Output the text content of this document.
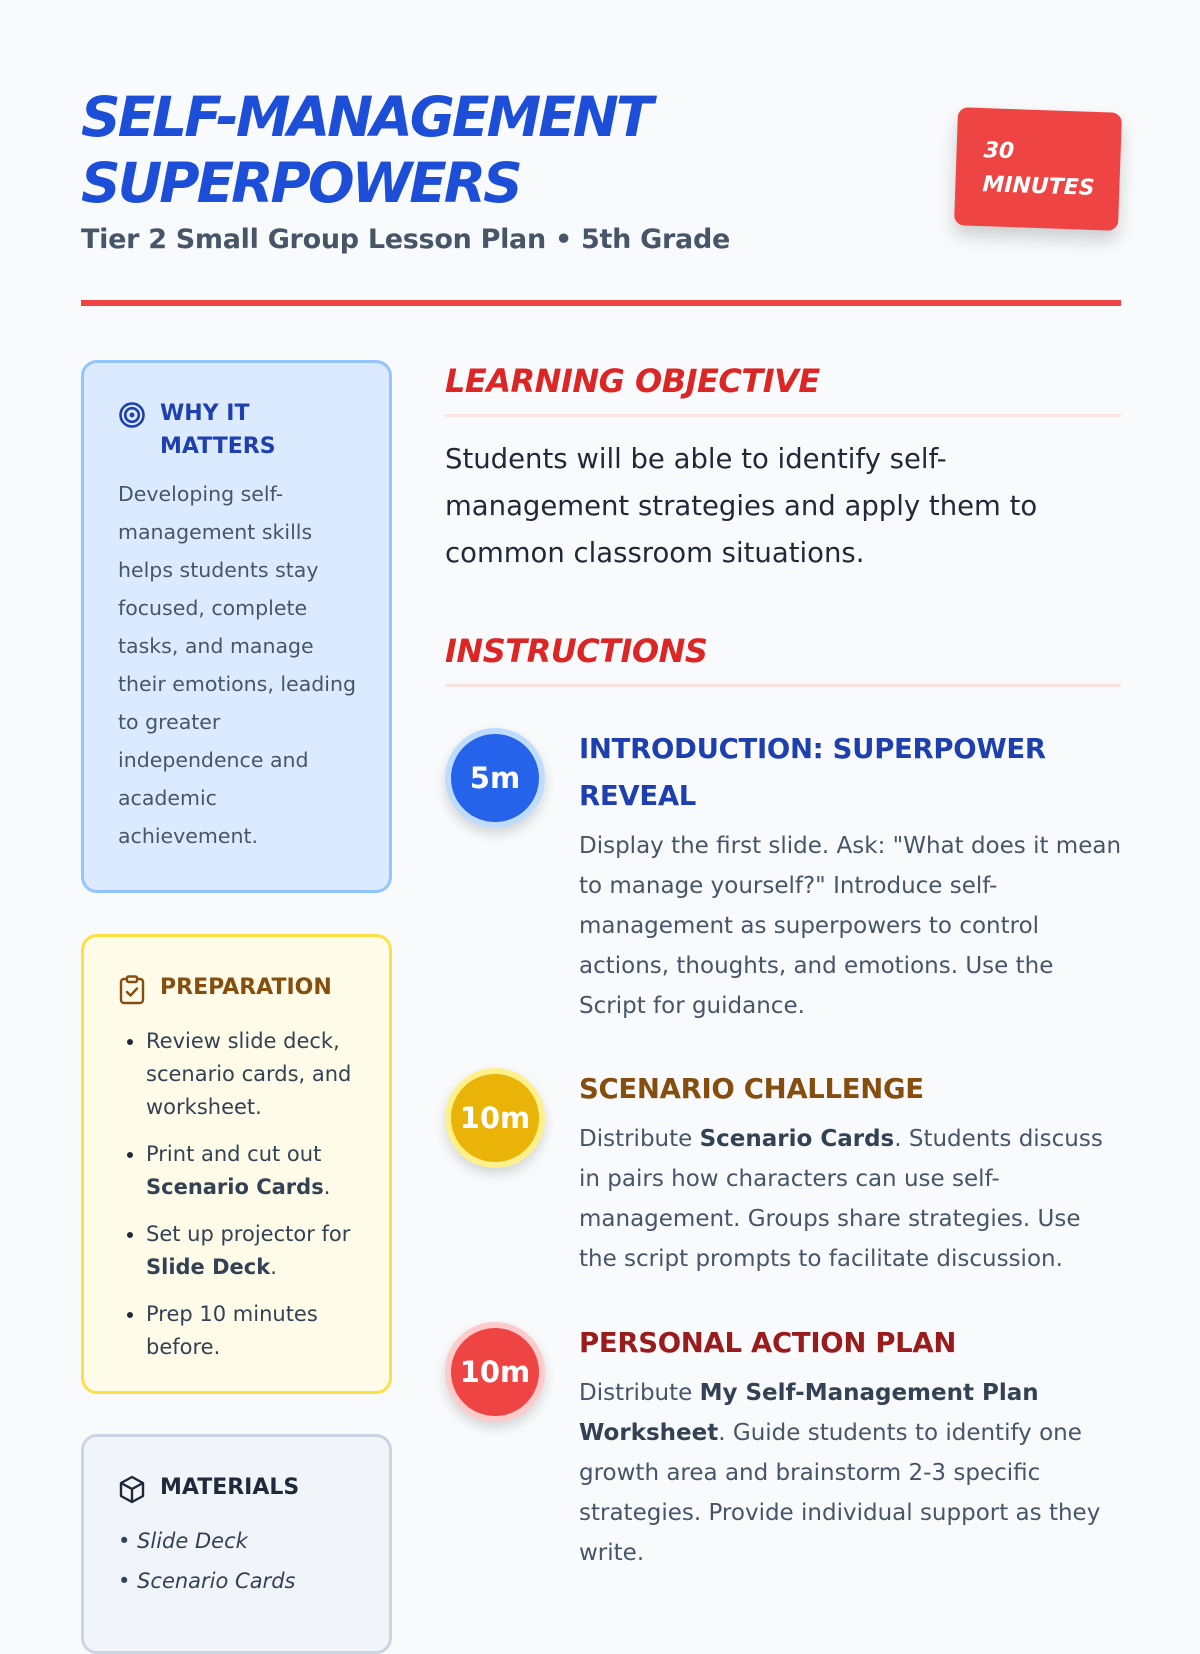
SELF-MANAGEMENT
SUPERPOWERS
Tier 2 Small Group Lesson Plan • 5th Grade
30
MINUTES
WHY IT MATTERS

Developing self-management skills helps students stay focused, complete tasks, and manage their emotions, leading to greater independence and academic achievement.

PREPARATION
• Review slide deck, scenario cards, and worksheet.
• Print and cut out Scenario Cards.
• Set up projector for Slide Deck.
• Prep 10 minutes before.
MATERIALS
• Slide Deck
• Scenario Cards
LEARNING OBJECTIVE

Students will be able to identify self-management strategies and apply them to common classroom situations.

INSTRUCTIONS
5m
INTRODUCTION: SUPERPOWER REVEAL
Display the first slide. Ask: "What does it mean to manage yourself?" Introduce self-management as superpowers to control actions, thoughts, and emotions. Use the Script for guidance.
10m
SCENARIO CHALLENGE
Distribute Scenario Cards. Students discuss in pairs how characters can use self-management. Groups share strategies. Use the script prompts to facilitate discussion.
10m
PERSONAL ACTION PLAN
Distribute My Self-Management Plan Worksheet. Guide students to identify one growth area and brainstorm 2-3 specific strategies. Provide individual support as they write.
